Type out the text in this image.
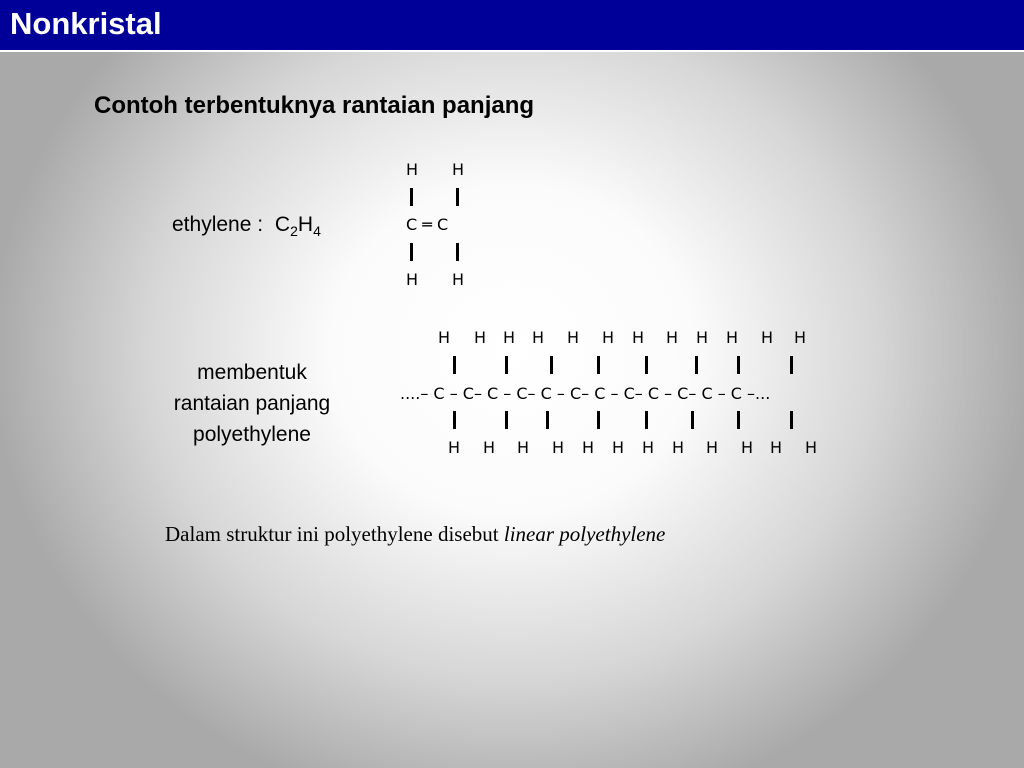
Nonkristal
Contoh terbentuknya rantaian panjang
ethylene : $C_2H_4$
H H
C ═ C
H H
membentuk
rantaian panjang
polyethylene
H H H H H H H H H H H H
....– C – C– C – C– C – C– C – C– C – C– C – C –...
H H H H H H H H H H H H
Dalam struktur ini polyethylene disebut linear polyethylene
